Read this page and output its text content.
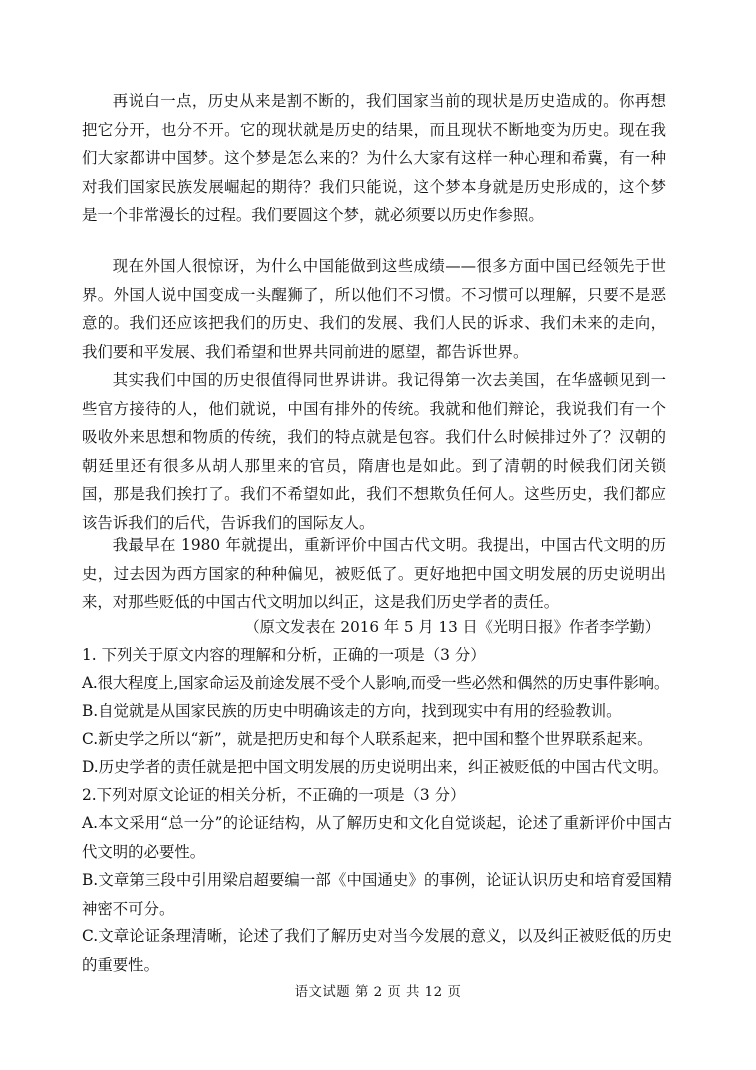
再说白一点，历史从来是割不断的，我们国家当前的现状是历史造成的。你再想把它分开，也分不开。它的现状就是历史的结果，而且现状不断地变为历史。现在我们大家都讲中国梦。这个梦是怎么来的？为什么大家有这样一种心理和希冀，有一种对我们国家民族发展崛起的期待？我们只能说，这个梦本身就是历史形成的，这个梦是一个非常漫长的过程。我们要圆这个梦，就必须要以历史作参照。

现在外国人很惊讶，为什么中国能做到这些成绩——很多方面中国已经领先于世界。外国人说中国变成一头醒狮了，所以他们不习惯。不习惯可以理解，只要不是恶意的。我们还应该把我们的历史、我们的发展、我们人民的诉求、我们未来的走向，我们要和平发展、我们希望和世界共同前进的愿望，都告诉世界。

其实我们中国的历史很值得同世界讲讲。我记得第一次去美国，在华盛顿见到一些官方接待的人，他们就说，中国有排外的传统。我就和他们辩论，我说我们有一个吸收外来思想和物质的传统，我们的特点就是包容。我们什么时候排过外了？汉朝的朝廷里还有很多从胡人那里来的官员，隋唐也是如此。到了清朝的时候我们闭关锁国，那是我们挨打了。我们不希望如此，我们不想欺负任何人。这些历史，我们都应该告诉我们的后代，告诉我们的国际友人。

我最早在 1980 年就提出，重新评价中国古代文明。我提出，中国古代文明的历史，过去因为西方国家的种种偏见，被贬低了。更好地把中国文明发展的历史说明出来，对那些贬低的中国古代文明加以纠正，这是我们历史学者的责任。

（原文发表在 2016 年 5 月 13 日《光明日报》作者李学勤）

1. 下列关于原文内容的理解和分析，正确的一项是（3 分）

A.很大程度上,国家命运及前途发展不受个人影响,而受一些必然和偶然的历史事件影响。

B.自觉就是从国家民族的历史中明确该走的方向，找到现实中有用的经验教训。

C.新史学之所以“新”，就是把历史和每个人联系起来，把中国和整个世界联系起来。

D.历史学者的责任就是把中国文明发展的历史说明出来，纠正被贬低的中国古代文明。

2.下列对原文论证的相关分析，不正确的一项是（3 分）

A.本文采用“总一分”的论证结构，从了解历史和文化自觉谈起，论述了重新评价中国古代文明的必要性。

B.文章第三段中引用梁启超要编一部《中国通史》的事例，论证认识历史和培育爱国精神密不可分。

C.文章论证条理清晰，论述了我们了解历史对当今发展的意义，以及纠正被贬低的历史的重要性。

语文试题 第 2 页 共 12 页
